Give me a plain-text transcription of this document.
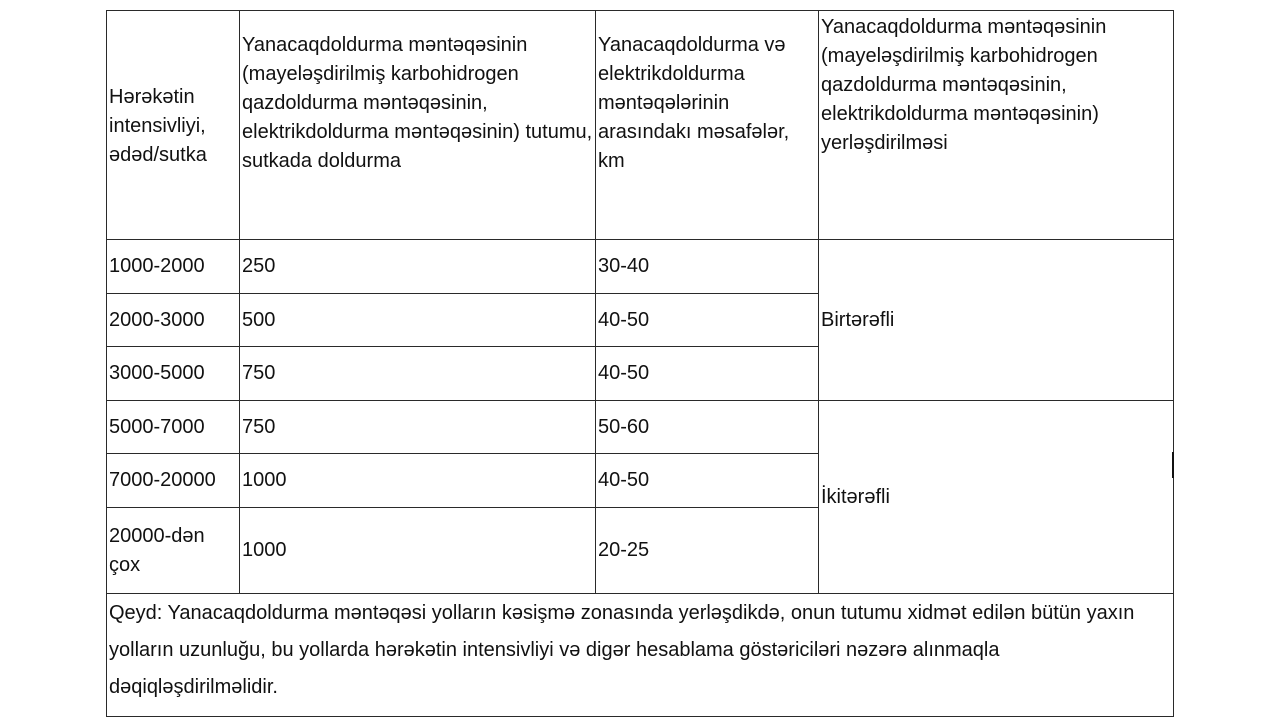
Hərəkətin intensivliyi, ədəd/sutka	Yanacaqdoldurma məntəqəsinin (mayeləşdirilmiş karbohidrogen qazdoldurma məntəqəsinin, elektrikdoldurma məntəqəsinin) tutumu, sutkada doldurma	Yanacaqdoldurma və elektrikdoldurma məntəqələrinin arasındakı məsafələr, km	Yanacaqdoldurma məntəqəsinin (mayeləşdirilmiş karbohidrogen qazdoldurma məntəqəsinin, elektrikdoldurma məntəqəsinin) yerləşdirilməsi
1000-2000	250	30-40	Birtərəfli
2000-3000	500	40-50	
3000-5000	750	40-50	
5000-7000	750	50-60	İkitərəfli
7000-20000	1000	40-50	
20000-dən çox	1000	20-25	
Qeyd: Yanacaqdoldurma məntəqəsi yolların kəsişmə zonasında yerləşdikdə, onun tutumu xidmət edilən bütün yaxın yolların uzunluğu, bu yollarda hərəkətin intensivliyi və digər hesablama göstəriciləri nəzərə alınmaqla dəqiqləşdirilməlidir.			
